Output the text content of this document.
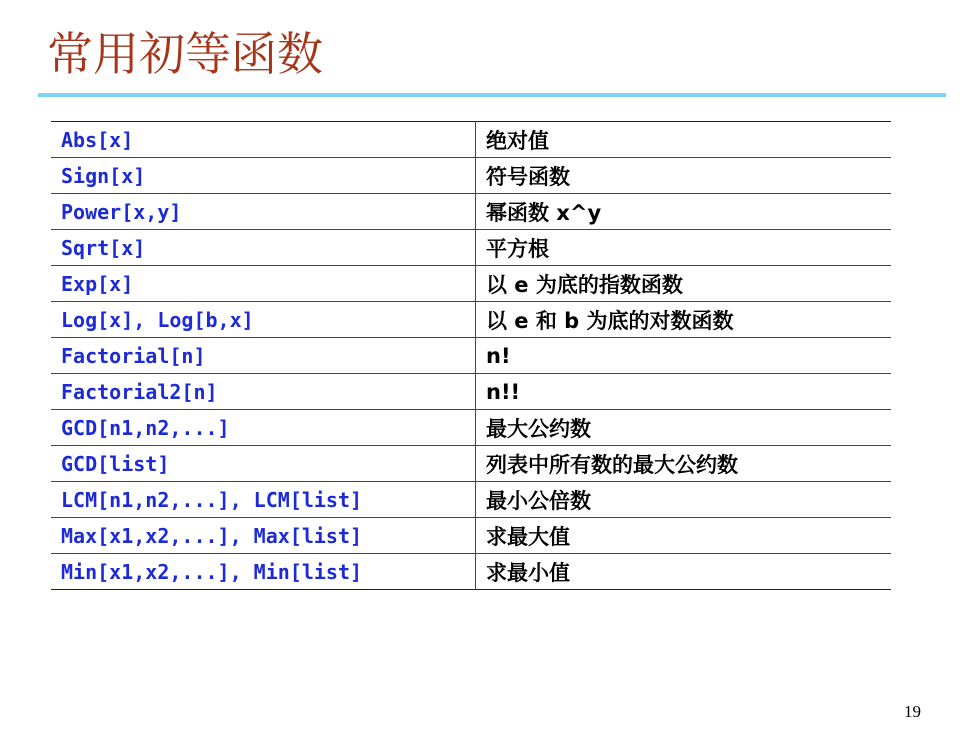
常用初等函数
Abs[x]	绝对值
Sign[x]	符号函数
Power[x,y]	幂函数 x^y
Sqrt[x]	平方根
Exp[x]	以 e 为底的指数函数
Log[x], Log[b,x]	以 e 和 b 为底的对数函数
Factorial[n]	n!
Factorial2[n]	n!!
GCD[n1,n2,...]	最大公约数
GCD[list]	列表中所有数的最大公约数
LCM[n1,n2,...], LCM[list]	最小公倍数
Max[x1,x2,...], Max[list]	求最大值
Min[x1,x2,...], Min[list]	求最小值
19
